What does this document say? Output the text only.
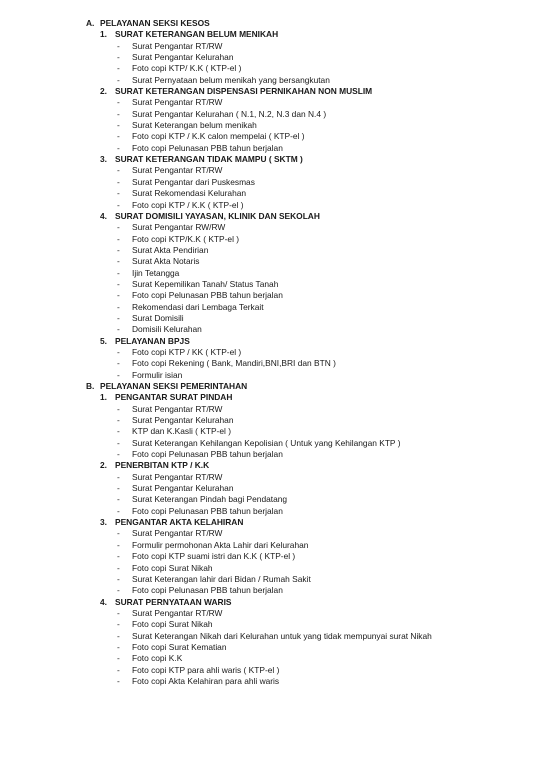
A. PELAYANAN SEKSI KESOS
1. SURAT KETERANGAN BELUM MENIKAH
- Surat Pengantar RT/RW
- Surat Pengantar Kelurahan
- Foto copi KTP/ K.K ( KTP-el )
- Surat Pernyataan belum menikah yang bersangkutan
2. SURAT KETERANGAN DISPENSASI PERNIKAHAN NON MUSLIM
- Surat Pengantar RT/RW
- Surat Pengantar Kelurahan ( N.1, N.2, N.3 dan N.4 )
- Surat Keterangan belum menikah
- Foto copi KTP / K.K calon mempelai ( KTP-el )
- Foto copi Pelunasan PBB tahun berjalan
3. SURAT KETERANGAN TIDAK MAMPU ( SKTM )
- Surat Pengantar RT/RW
- Surat Pengantar dari Puskesmas
- Surat Rekomendasi Kelurahan
- Foto copi KTP / K.K ( KTP-el )
4. SURAT DOMISILI YAYASAN, KLINIK DAN SEKOLAH
- Surat Pengantar RW/RW
- Foto copi KTP/K.K ( KTP-el )
- Surat Akta Pendirian
- Surat Akta Notaris
- Ijin Tetangga
- Surat Kepemilikan Tanah/ Status Tanah
- Foto copi Pelunasan PBB tahun berjalan
- Rekomendasi dari Lembaga Terkait
- Surat Domisili
- Domisili Kelurahan
5. PELAYANAN BPJS
- Foto copi KTP / KK ( KTP-el )
- Foto copi Rekening ( Bank, Mandiri,BNI,BRI dan BTN )
- Formulir isian
B. PELAYANAN SEKSI PEMERINTAHAN
1. PENGANTAR SURAT PINDAH
- Surat Pengantar RT/RW
- Surat Pengantar Kelurahan
- KTP dan K.Kasli ( KTP-el )
- Surat Keterangan Kehilangan Kepolisian ( Untuk yang Kehilangan KTP )
- Foto copi Pelunasan PBB tahun berjalan
2. PENERBITAN KTP / K.K
- Surat Pengantar RT/RW
- Surat Pengantar Kelurahan
- Surat Keterangan Pindah bagi Pendatang
- Foto copi Pelunasan PBB tahun berjalan
3. PENGANTAR AKTA KELAHIRAN
- Surat Pengantar RT/RW
- Formulir permohonan Akta Lahir dari Kelurahan
- Foto copi KTP suami istri dan K.K ( KTP-el )
- Foto copi Surat Nikah
- Surat Keterangan lahir dari Bidan / Rumah Sakit
- Foto copi Pelunasan PBB tahun berjalan
4. SURAT PERNYATAAN WARIS
- Surat Pengantar RT/RW
- Foto copi Surat Nikah
- Surat Keterangan Nikah dari Kelurahan untuk yang tidak mempunyai surat Nikah
- Foto copi Surat Kematian
- Foto copi K.K
- Foto copi KTP para ahli waris ( KTP-el )
- Foto copi Akta Kelahiran para ahli waris
